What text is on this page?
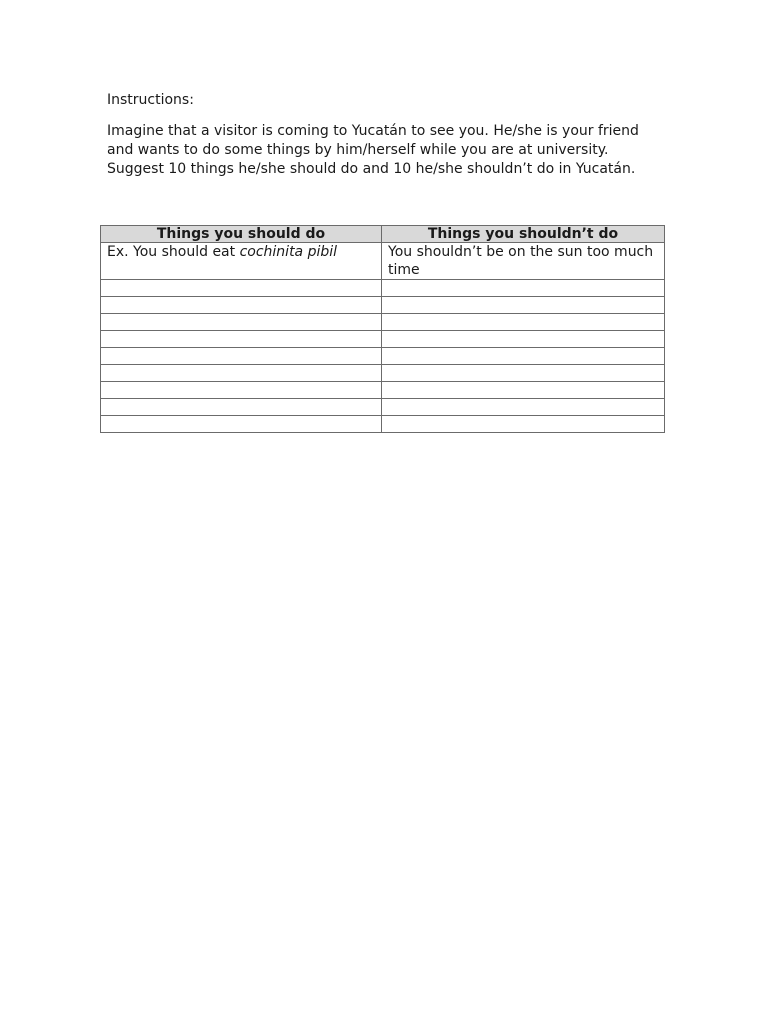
Instructions:

Imagine that a visitor is coming to Yucatán to see you. He/she is your friend
and wants to do some things by him/herself while you are at university.
Suggest 10 things he/she should do and 10 he/she shouldn’t do in Yucatán.

Things you should do	Things you shouldn’t do
Ex. You should eat cochinita pibil	You shouldn’t be on the sun too much time
